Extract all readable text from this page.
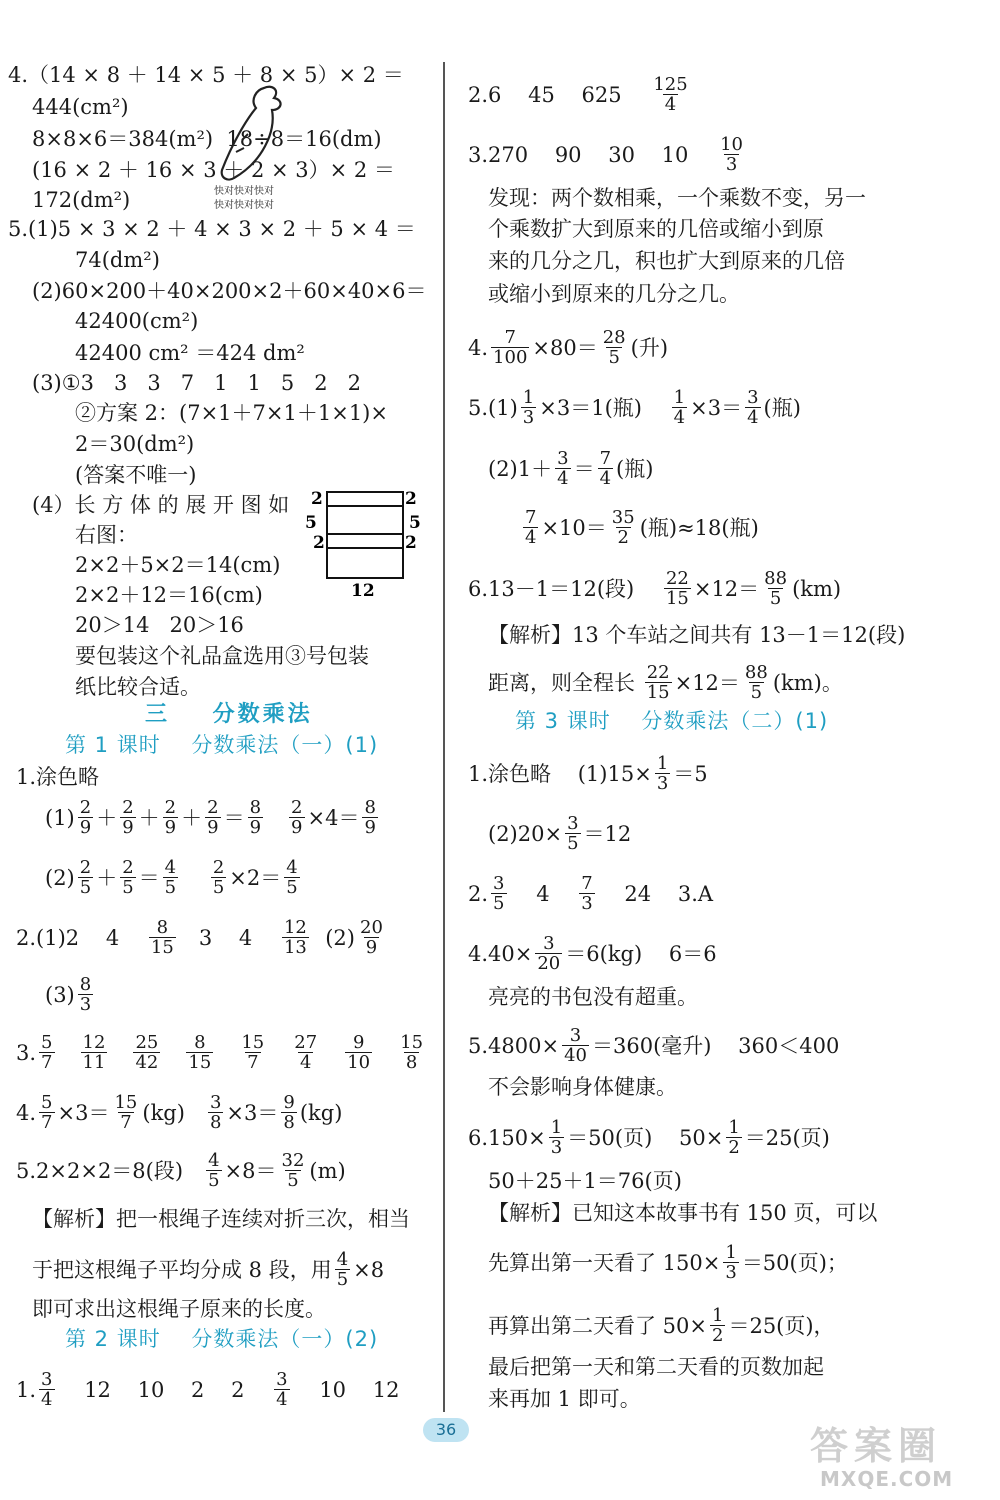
4.（14 × 8 ＋ 14 × 5 ＋ 8 × 5）× 2 ＝
444(cm²)
8×8×6＝384(m²)  18÷8＝16(dm)
(16 × 2 ＋ 16 × 3 ＋ 2 × 3）× 2 ＝
172(dm²)
5.(1)5 × 3 × 2 ＋ 4 × 3 × 2 ＋ 5 × 4 ＝
74(dm²)
(2)60×200＋40×200×2＋60×40×6＝
42400(cm²)
42400 cm² ＝424 dm²
(3)①3   3   3   7   1   1   5   2   2
②方案 2：(7×1＋7×1＋1×1)×
2＝30(dm²)
(答案不唯一)
(4）长 方 体 的 展 开 图 如
右图：
2×2＋5×2＝14(cm)
2×2＋12＝16(cm)
20＞14   20＞16
要包装这个礼品盒选用③号包装
纸比较合适。
三    分数乘法
第 1 课时    分数乘法（一）(1)
1.涂色略
$(1) \frac{2}{9} + \frac{2}{9} + \frac{2}{9} + \frac{2}{9} = \frac{8}{9}$
$\frac{2}{9} \times 4= \frac{8}{9}$
$(2) \frac{2}{5} + \frac{2}{5} = \frac{4}{5}$
$\frac{2}{5} \times 2= \frac{4}{5}$
2.(1)2    $4 \frac{8}{15} 3$    $4 \frac{12}{13} (2) \frac{20}{9}$
$(3) \frac{8}{3}$
3. $\frac{5}{7}$
$\frac{12}{11}$
$\frac{25}{42}$
$\frac{8}{15}$
$\frac{15}{7}$
$\frac{27}{4}$
$\frac{9}{10}$
$\frac{15}{8}$
4. $\frac{5}{7} \times 3= \frac{15}{7} (kg) \frac{3}{8} \times 3= \frac{9}{8} (kg)$
5.2×2×2＝8(段) $\frac{4}{5} \times 8= \frac{32}{5} (m)$
【解析】把一根绳子连续对折三次，相当
于把这根绳子平均分成 8 段，用 $\frac{4}{5} \times 8$
即可求出这根绳子原来的长度。
第 2 课时    分数乘法（一）(2)
1. $\frac{3}{4} 12$    10    2    $2 \frac{3}{4} 10$    12
2.6    45    $625 \frac{125}{4}$
3.270    90    30    $10 \frac{10}{3}$
发现：两个数相乘，一个乘数不变，另一
个乘数扩大到原来的几倍或缩小到原
来的几分之几，积也扩大到原来的几倍
或缩小到原来的几分之几。
4. $\frac{7}{100} \times 80= \frac{28}{5}$ (升)
$5.(1) \frac{1}{3} \times 3=1$(瓶) $\frac{1}{4} \times 3= \frac{3}{4}$ (瓶)
$(2)1+ \frac{3}{4} = \frac{7}{4}$ (瓶)
$\frac{7}{4} \times 10= \frac{35}{2}$ (瓶)≈18(瓶)
6.13－1＝12(段) $\frac{22}{15} \times 12= \frac{88}{5} (km)$
【解析】13 个车站之间共有 13－1＝12(段)
距离，则全程长 $\frac{22}{15} \times 12= \frac{88}{5} (km)$。
第 3 课时    分数乘法（二）(1)
1.涂色略    $(1)15\times \frac{1}{3} =5$
$(2)20\times \frac{3}{5} =12$
2. $\frac{3}{5} 4 \frac{7}{3} 24$    3.A
$4.40\times \frac{3}{20} =6(kg)$    6＝6
亮亮的书包没有超重。
$5.4800\times \frac{3}{40} =360$(毫升)    360＜400
不会影响身体健康。
$6.150\times \frac{1}{3} =50$(页)    $50\times \frac{1}{2} =25$(页)
50＋25＋1＝76(页)
【解析】已知这本故事书有 150 页，可以
先算出第一天看了 $150\times \frac{1}{3} =50$(页)；
再算出第二天看了 $50\times \frac{1}{2} =25$(页)，
最后把第一天和第二天看的页数加起
来再加 1 即可。
快对快对快对
快对快对快对
2	2
5	5
2	2
12
36	答案圈
MXQE.COM
